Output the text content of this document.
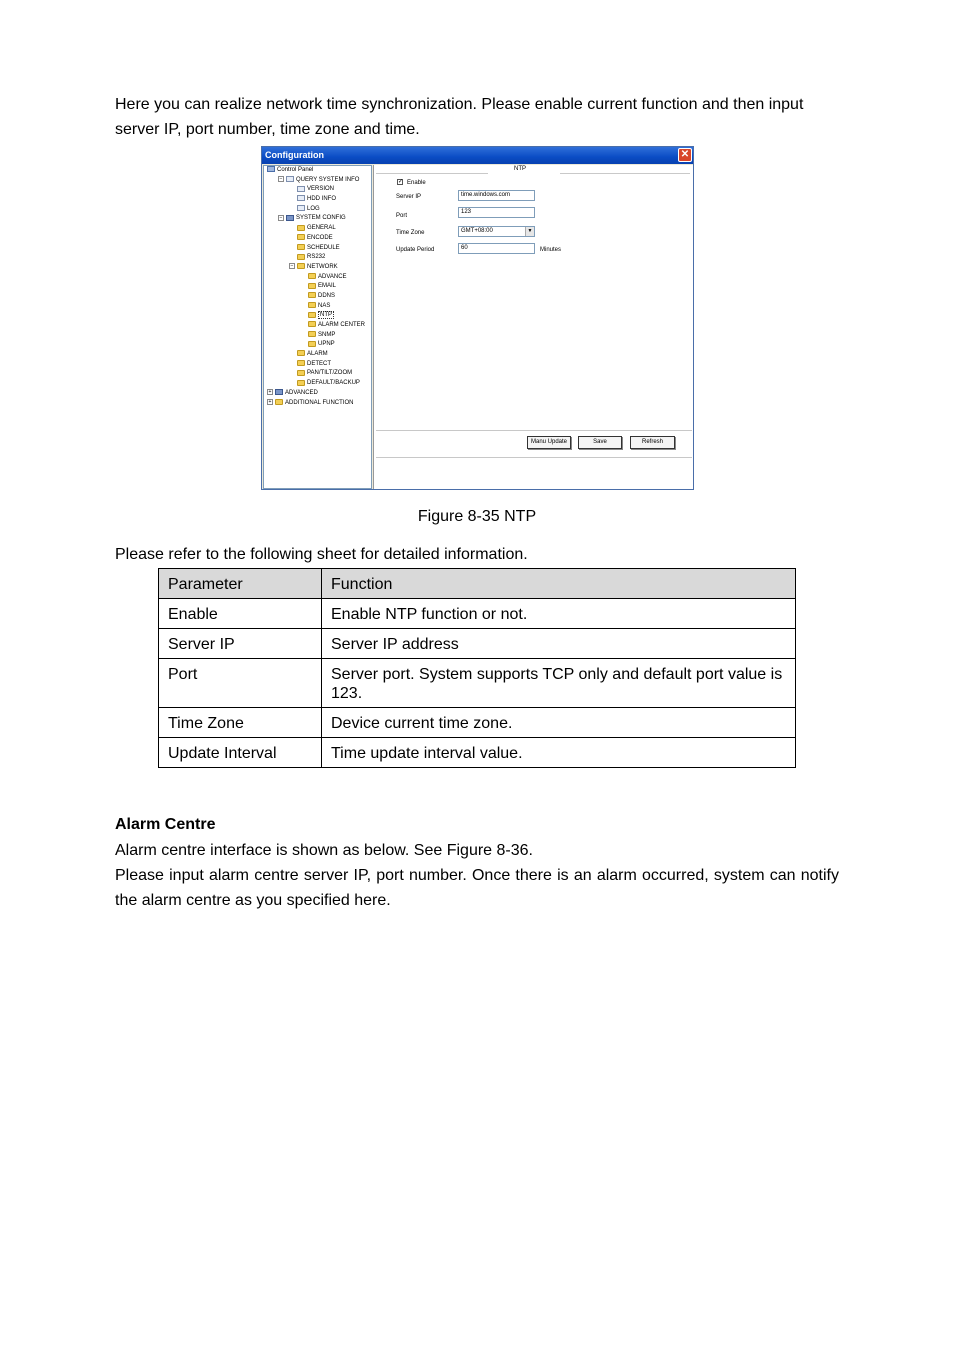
Here you can realize network time synchronization. Please enable current function and then input

server IP, port number, time zone and time.

Configuration	✕
Control Panel
− QUERY SYSTEM INFO
VERSION
HDD INFO
LOG
− SYSTEM CONFIG
GENERAL
ENCODE
SCHEDULE
RS232
− NETWORK
ADVANCE
EMAIL
DDNS
NAS
NTP
ALARM CENTER
SNMP
UPNP
ALARM
DETECT
PAN/TILT/ZOOM
DEFAULT/BACKUP
+ ADVANCED
+ ADDITIONAL FUNCTION
NTP
✓ Enable
Server IP	time.windows.com
Port
123
Time Zone	GMT+08:00	▼
Update Period	60	Minutes
Manu Update	Save	Refresh
Figure 8-35 NTP

Please refer to the following sheet for detailed information.

Parameter	Function
Enable	Enable NTP function or not.
Server IP	Server IP address
Port	Server port. System supports TCP only and default port value is 123.
Time Zone	Device current time zone.
Update Interval	Time update interval value.
Alarm Centre

Alarm centre interface is shown as below. See Figure 8-36.

Please input alarm centre server IP, port number. Once there is an alarm occurred, system can notify the alarm centre as you specified here.
